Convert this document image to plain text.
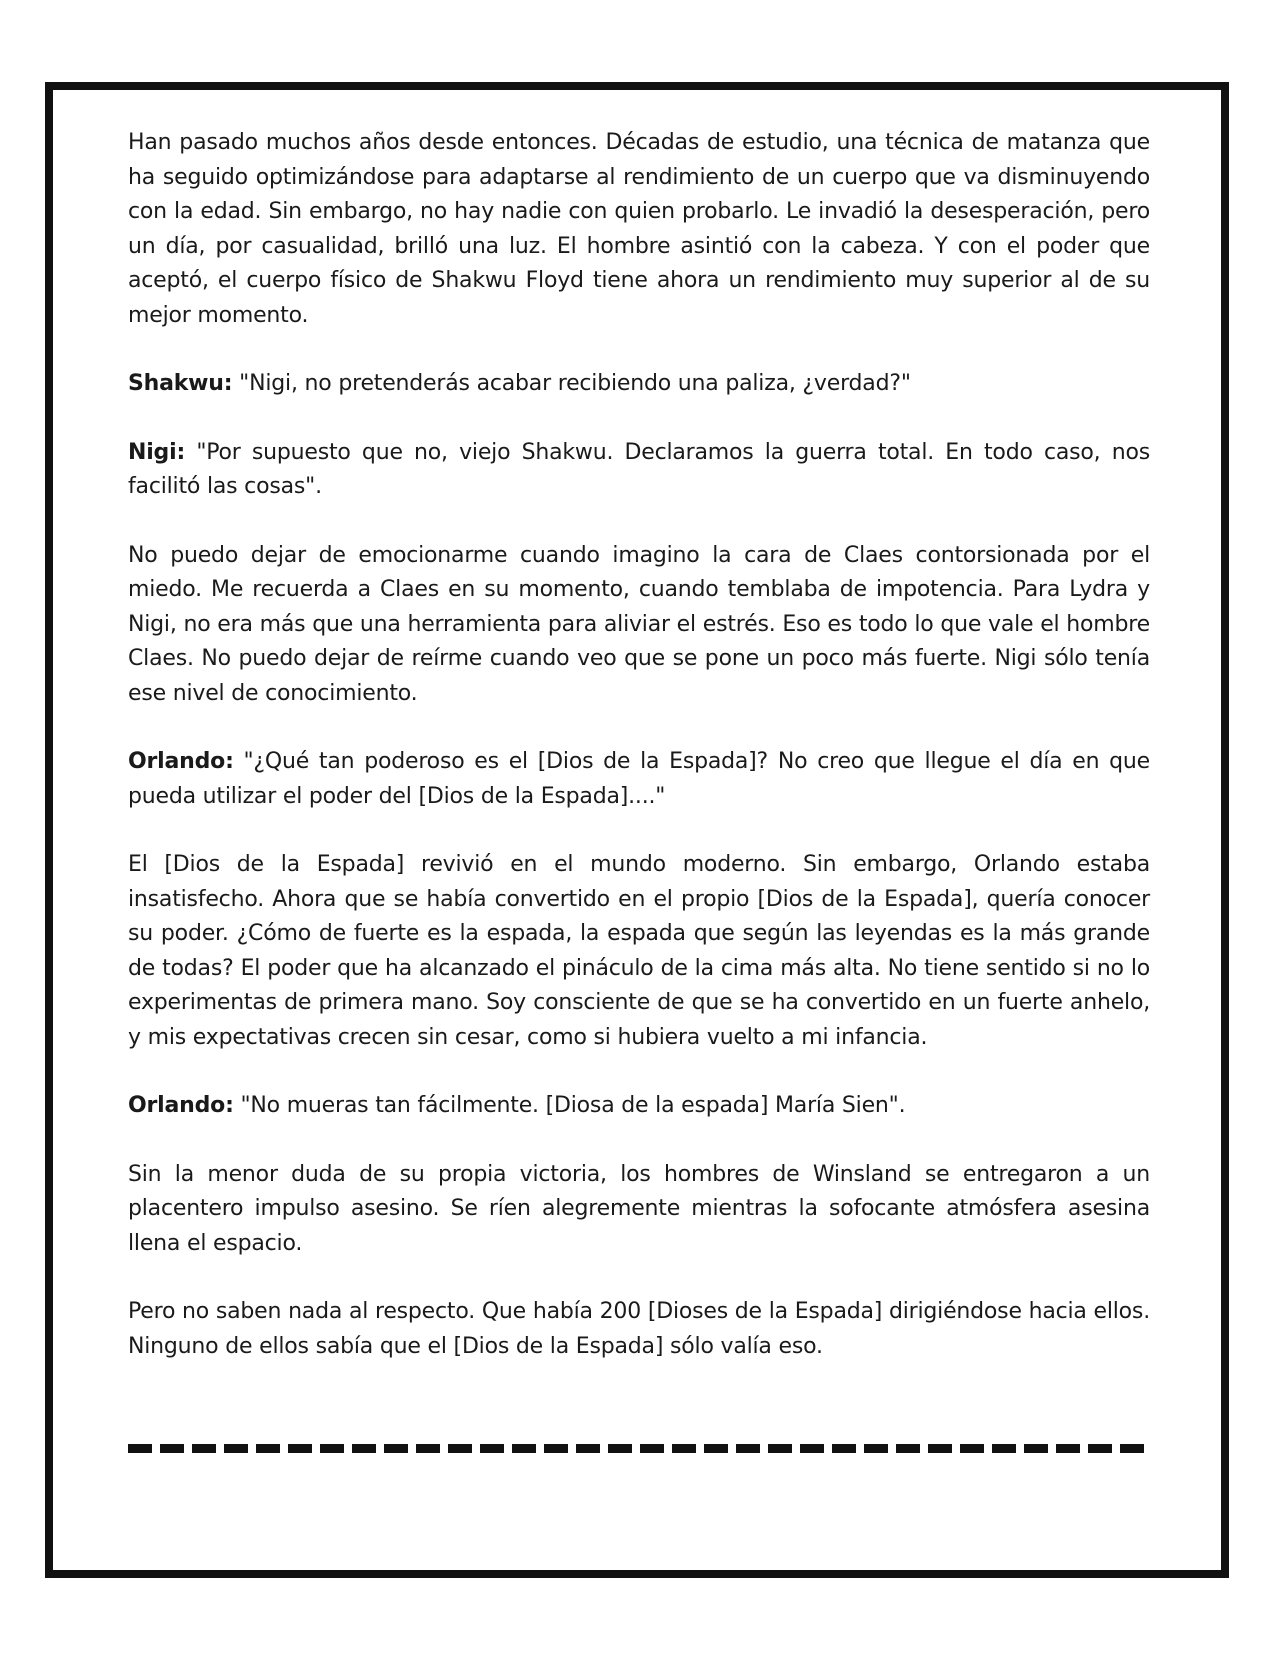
Han pasado muchos años desde entonces. Décadas de estudio, una técnica de matanza que ha seguido optimizándose para adaptarse al rendimiento de un cuerpo que va disminuyendo con la edad. Sin embargo, no hay nadie con quien probarlo. Le invadió la desesperación, pero un día, por casualidad, brilló una luz. El hombre asintió con la cabeza. Y con el poder que aceptó, el cuerpo físico de Shakwu Floyd tiene ahora un rendimiento muy superior al de su mejor momento.

Shakwu: "Nigi, no pretenderás acabar recibiendo una paliza, ¿verdad?"

Nigi: "Por supuesto que no, viejo Shakwu. Declaramos la guerra total. En todo caso, nos facilitó las cosas".

No puedo dejar de emocionarme cuando imagino la cara de Claes contorsionada por el miedo. Me recuerda a Claes en su momento, cuando temblaba de impotencia. Para Lydra y Nigi, no era más que una herramienta para aliviar el estrés. Eso es todo lo que vale el hombre Claes. No puedo dejar de reírme cuando veo que se pone un poco más fuerte. Nigi sólo tenía ese nivel de conocimiento.

Orlando: "¿Qué tan poderoso es el [Dios de la Espada]? No creo que llegue el día en que pueda utilizar el poder del [Dios de la Espada]...."

El [Dios de la Espada] revivió en el mundo moderno. Sin embargo, Orlando estaba insatisfecho. Ahora que se había convertido en el propio [Dios de la Espada], quería conocer su poder. ¿Cómo de fuerte es la espada, la espada que según las leyendas es la más grande de todas? El poder que ha alcanzado el pináculo de la cima más alta. No tiene sentido si no lo experimentas de primera mano. Soy consciente de que se ha convertido en un fuerte anhelo, y mis expectativas crecen sin cesar, como si hubiera vuelto a mi infancia.

Orlando: "No mueras tan fácilmente. [Diosa de la espada] María Sien".

Sin la menor duda de su propia victoria, los hombres de Winsland se entregaron a un placentero impulso asesino. Se ríen alegremente mientras la sofocante atmósfera asesina llena el espacio.

Pero no saben nada al respecto. Que había 200 [Dioses de la Espada] dirigiéndose hacia ellos. Ninguno de ellos sabía que el [Dios de la Espada] sólo valía eso.
